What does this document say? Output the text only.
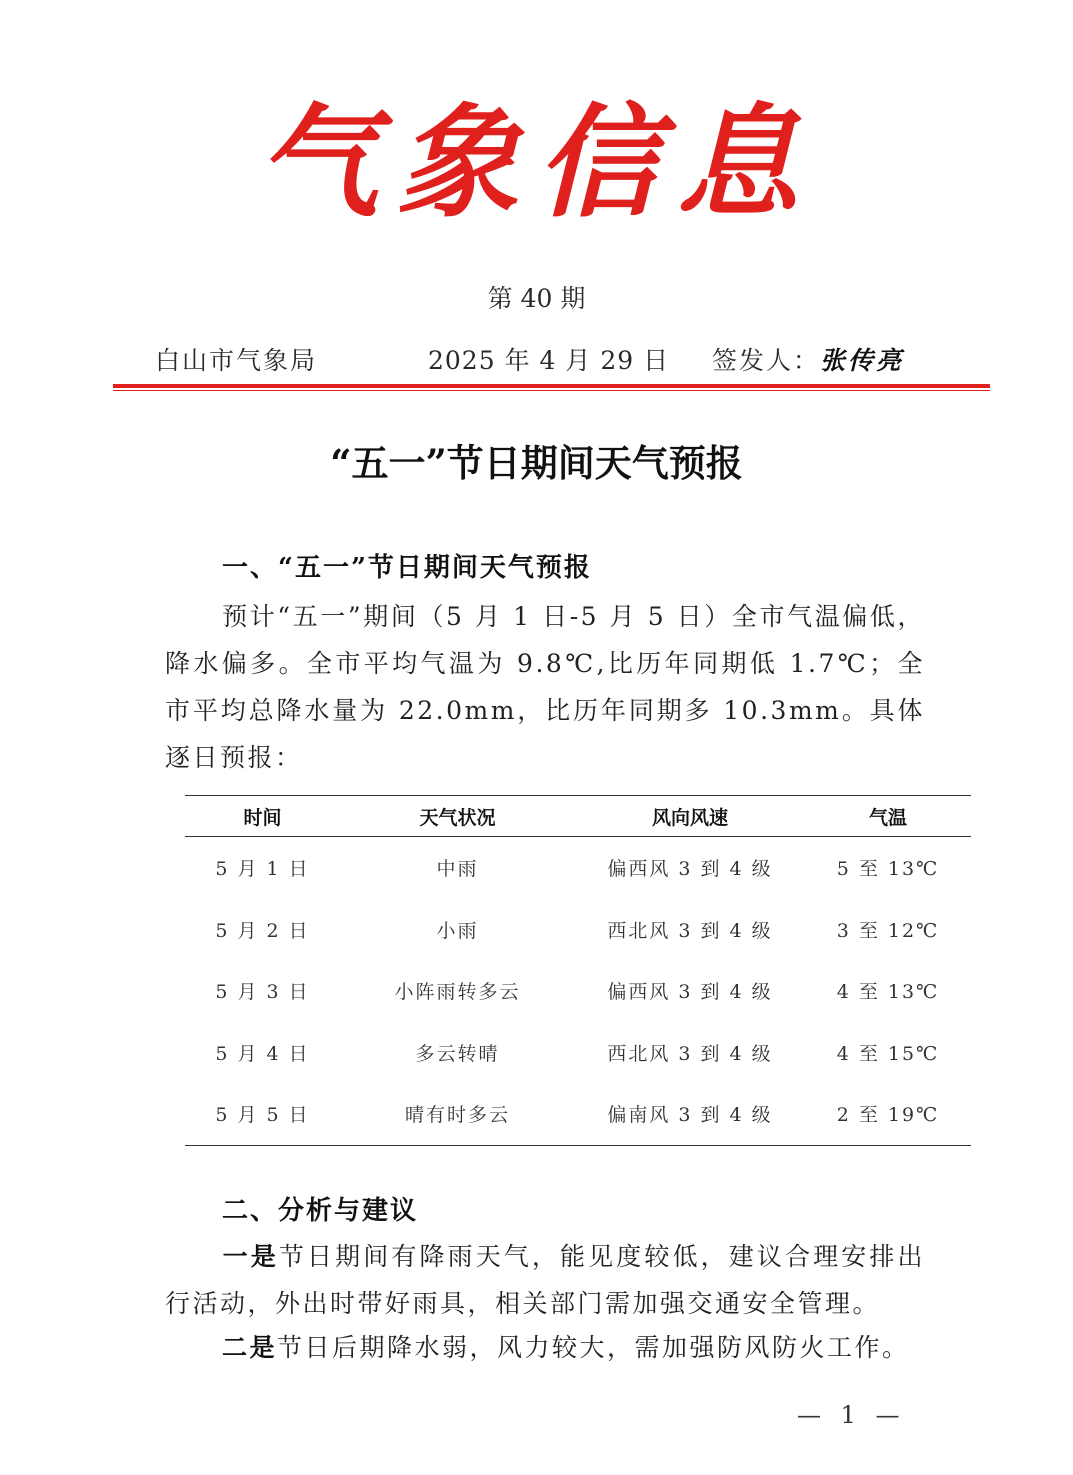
气象信息
第 40 期
白山市气象局	2025 年 4 月 29 日 签发人：张传亮
“五一”节日期间天气预报
一、“五一”节日期间天气预报
预计“五一”期间（5 月 1 日-5 月 5 日）全市气温偏低，降水偏多。全市平均气温为 9.8℃,比历年同期低 1.7℃；全市平均总降水量为 22.0mm，比历年同期多 10.3mm。具体逐日预报：
时间	天气状况	风向风速	气温
5 月 1 日	中雨	偏西风 3 到 4 级	5 至 13℃
5 月 2 日	小雨	西北风 3 到 4 级	3 至 12℃
5 月 3 日	小阵雨转多云	偏西风 3 到 4 级	4 至 13℃
5 月 4 日	多云转晴	西北风 3 到 4 级	4 至 15℃
5 月 5 日	晴有时多云	偏南风 3 到 4 级	2 至 19℃
二、分析与建议
一是节日期间有降雨天气，能见度较低，建议合理安排出行活动，外出时带好雨具，相关部门需加强交通安全管理。
二是节日后期降水弱，风力较大，需加强防风防火工作。
— 1 —
